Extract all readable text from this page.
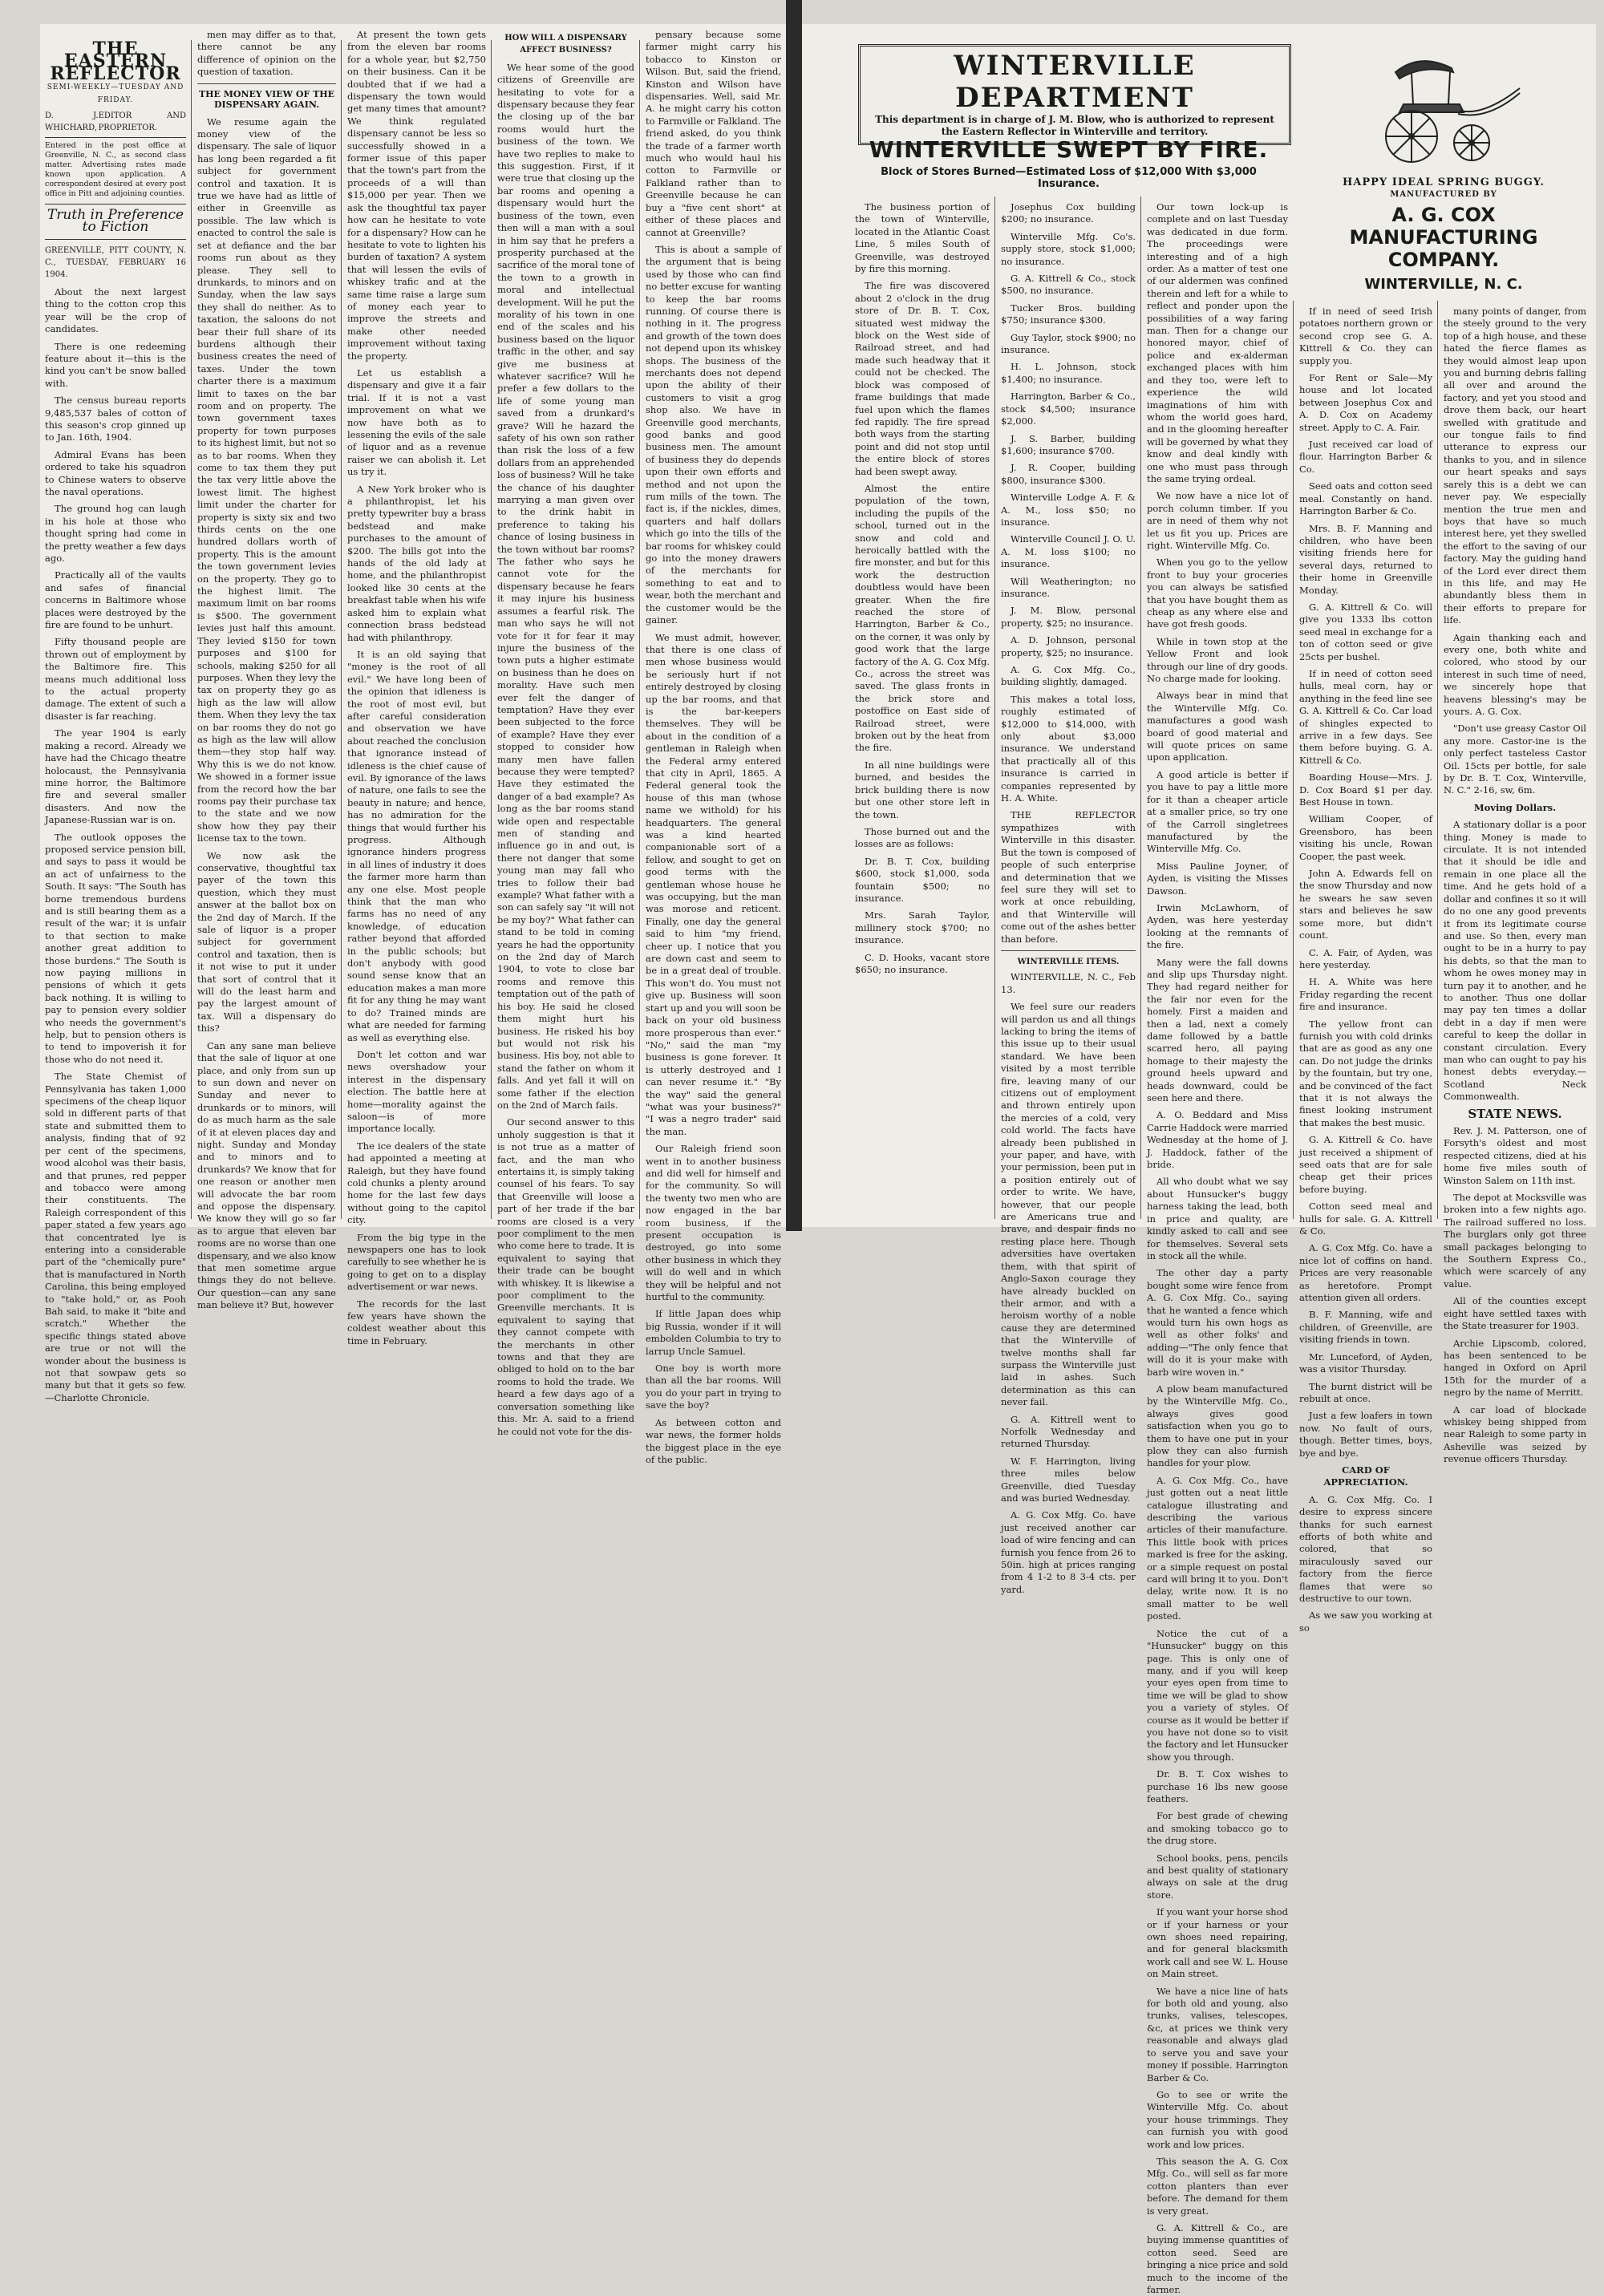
THE EASTERN REFLECTOR
SEMI-WEEKLY—TUESDAY AND FRIDAY.
D. J. WHICHARD,
EDITOR AND PROPRIETOR.
Entered in the post office at Greenville, N. C., as second class matter. Advertising rates made known upon application. A correspondent desired at every post office in Pitt and adjoining counties.
Truth in Preference to Fiction
GREENVILLE, PITT COUNTY, N. C., TUESDAY, FEBRUARY 16 1904.

About the next largest thing to the cotton crop this year will be the crop of candidates.

There is one redeeming feature about it—this is the kind you can't be snow balled with.

The census bureau reports 9,485,537 bales of cotton of this season's crop ginned up to Jan. 16th, 1904.

Admiral Evans has been ordered to take his squadron to Chinese waters to observe the naval operations.

The ground hog can laugh in his hole at those who thought spring had come in the pretty weather a few days ago.

Practically all of the vaults and safes of financial concerns in Baltimore whose places were destroyed by the fire are found to be unhurt.

Fifty thousand people are thrown out of employment by the Baltimore fire. This means much additional loss to the actual property damage. The extent of such a disaster is far reaching.

The year 1904 is early making a record. Already we have had the Chicago theatre holocaust, the Pennsylvania mine horror, the Baltimore fire and several smaller disasters. And now the Japanese-Russian war is on.

The outlook opposes the proposed service pension bill, and says to pass it would be an act of unfairness to the South. It says: "The South has borne tremendous burdens and is still bearing them as a result of the war; it is unfair to that section to make another great addition to those burdens." The South is now paying millions in pensions of which it gets back nothing. It is willing to pay to pension every soldier who needs the government's help, but to pension others is to tend to impoverish it for those who do not need it.

The State Chemist of Pennsylvania has taken 1,000 specimens of the cheap liquor sold in different parts of that state and submitted them to analysis, finding that of 92 per cent of the specimens, wood alcohol was their basis, and that prunes, red pepper and tobacco were among their constituents. The Raleigh correspondent of this paper stated a few years ago that concentrated lye is entering into a considerable part of the "chemically pure" that is manufactured in North Carolina, this being employed to "take hold," or, as Pooh Bah said, to make it "bite and scratch." Whether the specific things stated above are true or not will the wonder about the business is not that sowpaw gets so many but that it gets so few.—Charlotte Chronicle.

men may differ as to that, there cannot be any difference of opinion on the question of taxation.

THE MONEY VIEW OF THE DISPENSARY AGAIN.

We resume again the money view of the dispensary. The sale of liquor has long been regarded a fit subject for government control and taxation. It is true we have had as little of either in Greenville as possible. The law which is enacted to control the sale is set at defiance and the bar rooms run about as they please. They sell to drunkards, to minors and on Sunday, when the law says they shall do neither. As to taxation, the saloons do not bear their full share of its burdens although their business creates the need of taxes. Under the town charter there is a maximum limit to taxes on the bar room and on property. The town government taxes property for town purposes to its highest limit, but not so as to bar rooms. When they come to tax them they put the tax very little above the lowest limit. The highest limit under the charter for property is sixty six and two thirds cents on the one hundred dollars worth of property. This is the amount the town government levies on the property. They go to the highest limit. The maximum limit on bar rooms is $500. The government levies just half this amount. They levied $150 for town purposes and $100 for schools, making $250 for all purposes. When they levy the tax on property they go as high as the law will allow them. When they levy the tax on bar rooms they do not go as high as the law will allow them—they stop half way. Why this is we do not know. We showed in a former issue from the record how the bar rooms pay their purchase tax to the state and we now show how they pay their license tax to the town.

We now ask the conservative, thoughtful tax payer of the town this question, which they must answer at the ballot box on the 2nd day of March. If the sale of liquor is a proper subject for government control and taxation, then is it not wise to put it under that sort of control that it will do the least harm and pay the largest amount of tax. Will a dispensary do this?

Can any sane man believe that the sale of liquor at one place, and only from sun up to sun down and never on Sunday and never to drunkards or to minors, will do as much harm as the sale of it at eleven places day and night. Sunday and Monday and to minors and to drunkards? We know that for one reason or another men will advocate the bar room and oppose the dispensary. We know they will go so far as to argue that eleven bar rooms are no worse than one dispensary, and we also know that men sometime argue things they do not believe. Our question—can any sane man believe it? But, however

At present the town gets from the eleven bar rooms for a whole year, but $2,750 on their business. Can it be doubted that if we had a dispensary the town would get many times that amount? We think regulated dispensary cannot be less so successfully showed in a former issue of this paper that the town's part from the proceeds of a will than $15,000 per year. Then we ask the thoughtful tax payer how can he hesitate to vote for a dispensary? How can he hesitate to vote to lighten his burden of taxation? A system that will lessen the evils of whiskey trafic and at the same time raise a large sum of money each year to improve the streets and make other needed improvement without taxing the property.

Let us establish a dispensary and give it a fair trial. If it is not a vast improvement on what we now have both as to lessening the evils of the sale of liquor and as a revenue raiser we can abolish it. Let us try it.

A New York broker who is a philanthropist, let his pretty typewriter buy a brass bedstead and make purchases to the amount of $200. The bills got into the hands of the old lady at home, and the philanthropist looked like 30 cents at the breakfast table when his wife asked him to explain what connection brass bedstead had with philanthropy.

It is an old saying that "money is the root of all evil." We have long been of the opinion that idleness is the root of most evil, but after careful consideration and observation we have about reached the conclusion that ignorance instead of idleness is the chief cause of evil. By ignorance of the laws of nature, one fails to see the beauty in nature; and hence, has no admiration for the things that would further his progress. Although ignorance hinders progress in all lines of industry it does the farmer more harm than any one else. Most people think that the man who farms has no need of any knowledge, of education rather beyond that afforded in the public schools; but don't anybody with good sound sense know that an education makes a man more fit for any thing he may want to do? Trained minds are what are needed for farming as well as everything else.

Don't let cotton and war news overshadow your interest in the dispensary election. The battle here at home—morality against the saloon—is of more importance locally.

The ice dealers of the state had appointed a meeting at Raleigh, but they have found cold chunks a plenty around home for the last few days without going to the capitol city.

From the big type in the newspapers one has to look carefully to see whether he is going to get on to a display advertisement or war news.

The records for the last few years have shown the coldest weather about this time in February.

HOW WILL A DISPENSARY AFFECT BUSINESS?

We hear some of the good citizens of Greenville are hesitating to vote for a dispensary because they fear the closing up of the bar rooms would hurt the business of the town. We have two replies to make to this suggestion. First, if it were true that closing up the bar rooms and opening a dispensary would hurt the business of the town, even then will a man with a soul in him say that he prefers a prosperity purchased at the sacrifice of the moral tone of the town to a growth in moral and intellectual development. Will he put the morality of his town in one end of the scales and his business based on the liquor traffic in the other, and say give me business at whatever sacrifice? Will he prefer a few dollars to the life of some young man saved from a drunkard's grave? Will he hazard the safety of his own son rather than risk the loss of a few dollars from an apprehended loss of business? Will he take the chance of his daughter marrying a man given over to the drink habit in preference to taking his chance of losing business in the town without bar rooms? The father who says he cannot vote for the dispensary because he fears it may injure his business assumes a fearful risk. The man who says he will not vote for it for fear it may injure the business of the town puts a higher estimate on business than he does on morality. Have such men ever felt the danger of temptation? Have they ever been subjected to the force of example? Have they ever stopped to consider how many men have fallen because they were tempted? Have they estimated the danger of a bad example? As long as the bar rooms stand wide open and respectable men of standing and influence go in and out, is there not danger that some young man may fall who tries to follow their bad example? What father with a son can safely say "it will not be my boy?" What father can stand to be told in coming years he had the opportunity on the 2nd day of March 1904, to vote to close bar rooms and remove this temptation out of the path of his boy. He said he closed them might hurt his business. He risked his boy but would not risk his business. His boy, not able to stand the father on whom it falls. And yet fall it will on some father if the election on the 2nd of March fails.

Our second answer to this unholy suggestion is that it is not true as a matter of fact, and the man who entertains it, is simply taking counsel of his fears. To say that Greenville will loose a part of her trade if the bar rooms are closed is a very poor compliment to the men who come here to trade. It is equivalent to saying that their trade can be bought with whiskey. It is likewise a poor compliment to the Greenville merchants. It is equivalent to saying that they cannot compete with the merchants in other towns and that they are obliged to hold on to the bar rooms to hold the trade. We heard a few days ago of a conversation something like this. Mr. A. said to a friend he could not vote for the dis-

pensary because some farmer might carry his tobacco to Kinston or Wilson. But, said the friend, Kinston and Wilson have dispensaries. Well, said Mr. A. he might carry his cotton to Farmville or Falkland. The friend asked, do you think the trade of a farmer worth much who would haul his cotton to Farmville or Falkland rather than to Greenville because he can buy a "five cent short" at either of these places and cannot at Greenville?

This is about a sample of the argument that is being used by those who can find no better excuse for wanting to keep the bar rooms running. Of course there is nothing in it. The progress and growth of the town does not depend upon its whiskey shops. The business of the merchants does not depend upon the ability of their customers to visit a grog shop also. We have in Greenville good merchants, good banks and good business men. The amount of business they do depends upon their own efforts and method and not upon the rum mills of the town. The fact is, if the nickles, dimes, quarters and half dollars which go into the tills of the bar rooms for whiskey could go into the money drawers of the merchants for something to eat and to wear, both the merchant and the customer would be the gainer.

We must admit, however, that there is one class of men whose business would be seriously hurt if not entirely destroyed by closing up the bar rooms, and that is the bar-keepers themselves. They will be about in the condition of a gentleman in Raleigh when the Federal army entered that city in April, 1865. A Federal general took the house of this man (whose name we withold) for his headquarters. The general was a kind hearted companionable sort of a fellow, and sought to get on good terms with the gentleman whose house he was occupying, but the man was morose and reticent. Finally, one day the general said to him "my friend, cheer up. I notice that you are down cast and seem to be in a great deal of trouble. This won't do. You must not give up. Business will soon start up and you will soon be back on your old business more prosperous than ever." "No," said the man "my business is gone forever. It is utterly destroyed and I can never resume it." "By the way" said the general "what was your business?" "I was a negro trader" said the man.

Our Raleigh friend soon went in to another business and did well for himself and for the community. So will the twenty two men who are now engaged in the bar room business, if the present occupation is destroyed, go into some other business in which they will do well and in which they will be helpful and not hurtful to the community.

If little Japan does whip big Russia, wonder if it will embolden Columbia to try to larrup Uncle Samuel.

One boy is worth more than all the bar rooms. Will you do your part in trying to save the boy?

As between cotton and war news, the former holds the biggest place in the eye of the public.

WINTERVILLE DEPARTMENT
This department is in charge of J. M. Blow, who is authorized to represent the Eastern Reflector in Winterville and territory.
WINTERVILLE SWEPT BY FIRE.
Block of Stores Burned—Estimated Loss of $12,000 With $3,000 Insurance.	HAPPY IDEAL SPRING BUGGY.
MANUFACTURED BY
A. G. COX MANUFACTURING COMPANY.
WINTERVILLE, N. C.

The business portion of the town of Winterville, located in the Atlantic Coast Line, 5 miles South of Greenville, was destroyed by fire this morning.

The fire was discovered about 2 o'clock in the drug store of Dr. B. T. Cox, situated west midway the block on the West side of Railroad street, and had made such headway that it could not be checked. The block was composed of frame buildings that made fuel upon which the flames fed rapidly. The fire spread both ways from the starting point and did not stop until the entire block of stores had been swept away.

Almost the entire population of the town, including the pupils of the school, turned out in the snow and cold and heroically battled with the fire monster, and but for this work the destruction doubtless would have been greater. When the fire reached the store of Harrington, Barber & Co., on the corner, it was only by good work that the large factory of the A. G. Cox Mfg. Co., across the street was saved. The glass fronts in the brick store and postoffice on East side of Railroad street, were broken out by the heat from the fire.

In all nine buildings were burned, and besides the brick building there is now but one other store left in the town.

Those burned out and the losses are as follows:

Dr. B. T. Cox, building $600, stock $1,000, soda fountain $500; no insurance.

Mrs. Sarah Taylor, millinery stock $700; no insurance.

C. D. Hooks, vacant store $650; no insurance.

Josephus Cox building $200; no insurance.

Winterville Mfg. Co's. supply store, stock $1,000; no insurance.

G. A. Kittrell & Co., stock $500, no insurance.

Tucker Bros. building $750; insurance $300.

Guy Taylor, stock $900; no insurance.

H. L. Johnson, stock $1,400; no insurance.

Harrington, Barber & Co., stock $4,500; insurance $2,000.

J. S. Barber, building $1,600; insurance $700.

J. R. Cooper, building $800, insurance $300.

Winterville Lodge A. F. & A. M., loss $50; no insurance.

Winterville Council J. O. U. A. M. loss $100; no insurance.

Will Weatherington; no insurance.

J. M. Blow, personal property, $25; no insurance.

A. D. Johnson, personal property, $25; no insurance.

A. G. Cox Mfg. Co., building slightly, damaged.

This makes a total loss, roughly estimated of $12,000 to $14,000, with only about $3,000 insurance. We understand that practically all of this insurance is carried in companies represented by H. A. White.

THE REFLECTOR sympathizes with Winterville in this disaster. But the town is composed of people of such enterprise and determination that we feel sure they will set to work at once rebuilding, and that Winterville will come out of the ashes better than before.

WINTERVILLE ITEMS.

WINTERVILLE, N. C., Feb 13.

We feel sure our readers will pardon us and all things lacking to bring the items of this issue up to their usual standard. We have been visited by a most terrible fire, leaving many of our citizens out of employment and thrown entirely upon the mercies of a cold, very cold world. The facts have already been published in your paper, and have, with your permission, been put in a position entirely out of order to write. We have, however, that our people are Americans true and brave, and despair finds no resting place here. Though adversities have overtaken them, with that spirit of Anglo-Saxon courage they have already buckled on their armor, and with a heroism worthy of a noble cause they are determined that the Winterville of twelve months shall far surpass the Winterville just laid in ashes. Such determination as this can never fail.

G. A. Kittrell went to Norfolk Wednesday and returned Thursday.

W. F. Harrington, living three miles below Greenville, died Tuesday and was buried Wednesday.

A. G. Cox Mfg. Co. have just received another car load of wire fencing and can furnish you fence from 26 to 50in. high at prices ranging from 4 1-2 to 8 3-4 cts. per yard.

Our town lock-up is complete and on last Tuesday was dedicated in due form. The proceedings were interesting and of a high order. As a matter of test one of our aldermen was confined therein and left for a while to reflect and ponder upon the possibilities of a way faring man. Then for a change our honored mayor, chief of police and ex-alderman exchanged places with him and they too, were left to experience the wild imaginations of him with whom the world goes hard, and in the glooming hereafter will be governed by what they know and deal kindly with one who must pass through the same trying ordeal.

We now have a nice lot of porch column timber. If you are in need of them why not let us fit you up. Prices are right. Winterville Mfg. Co.

When you go to the yellow front to buy your groceries you can always be satisfied that you have bought them as cheap as any where else and have got fresh goods.

While in town stop at the Yellow Front and look through our line of dry goods. No charge made for looking.

Always bear in mind that the Winterville Mfg. Co. manufactures a good wash board of good material and will quote prices on same upon application.

A good article is better if you have to pay a little more for it than a cheaper article at a smaller price, so try one of the Carroll singletrees manufactured by the Winterville Mfg. Co.

Miss Pauline Joyner, of Ayden, is visiting the Misses Dawson.

Irwin McLawhorn, of Ayden, was here yesterday looking at the remnants of the fire.

Many were the fall downs and slip ups Thursday night. They had regard neither for the fair nor even for the homely. First a maiden and then a lad, next a comely dame followed by a battle scarred hero, all paying homage to their majesty the ground heels upward and heads downward, could be seen here and there.

A. O. Beddard and Miss Carrie Haddock were married Wednesday at the home of J. J. Haddock, father of the bride.

All who doubt what we say about Hunsucker's buggy harness taking the lead, both in price and quality, are kindly asked to call and see for themselves. Several sets in stock all the while.

The other day a party bought some wire fence from A. G. Cox Mfg. Co., saying that he wanted a fence which would turn his own hogs as well as other folks' and adding—"The only fence that will do it is your make with barb wire woven in."

A plow beam manufactured by the Winterville Mfg. Co., always gives good satisfaction when you go to them to have one put in your plow they can also furnish handles for your plow.

A. G. Cox Mfg. Co., have just gotten out a neat little catalogue illustrating and describing the various articles of their manufacture. This little book with prices marked is free for the asking, or a simple request on postal card will bring it to you. Don't delay, write now. It is no small matter to be well posted.

Notice the cut of a "Hunsucker" buggy on this page. This is only one of many, and if you will keep your eyes open from time to time we will be glad to show you a variety of styles. Of course as it would be better if you have not done so to visit the factory and let Hunsucker show you through.

Dr. B. T. Cox wishes to purchase 16 lbs new goose feathers.

For best grade of chewing and smoking tobacco go to the drug store.

School books, pens, pencils and best quality of stationary always on sale at the drug store.

If you want your horse shod or if your harness or your own shoes need repairing, and for general blacksmith work call and see W. L. House on Main street.

We have a nice line of hats for both old and young, also trunks, valises, telescopes, &c, at prices we think very reasonable and always glad to serve you and save your money if possible. Harrington Barber & Co.

Go to see or write the Winterville Mfg. Co. about your house trimmings. They can furnish you with good work and low prices.

This season the A. G. Cox Mfg. Co., will sell as far more cotton planters than ever before. The demand for them is very great.

G. A. Kittrell & Co., are buying immense quantities of cotton seed. Seed are bringing a nice price and sold much to the income of the farmer.

If in need of seed Irish potatoes northern grown or second crop see G. A. Kittrell & Co. they can supply you.

For Rent or Sale—My house and lot located between Josephus Cox and A. D. Cox on Academy street. Apply to C. A. Fair.

Just received car load of flour. Harrington Barber & Co.

Seed oats and cotton seed meal. Constantly on hand. Harrington Barber & Co.

Mrs. B. F. Manning and children, who have been visiting friends here for several days, returned to their home in Greenville Monday.

G. A. Kittrell & Co. will give you 1333 lbs cotton seed meal in exchange for a ton of cotton seed or give 25cts per bushel.

If in need of cotton seed hulls, meal corn, hay or anything in the feed line see G. A. Kittrell & Co. Car load of shingles expected to arrive in a few days. See them before buying. G. A. Kittrell & Co.

Boarding House—Mrs. J. D. Cox Board $1 per day. Best House in town.

William Cooper, of Greensboro, has been visiting his uncle, Rowan Cooper, the past week.

John A. Edwards fell on the snow Thursday and now he swears he saw seven stars and believes he saw some more, but didn't count.

C. A. Fair, of Ayden, was here yesterday.

H. A. White was here Friday regarding the recent fire and insurance.

The yellow front can furnish you with cold drinks that are as good as any one can. Do not judge the drinks by the fountain, but try one, and be convinced of the fact that it is not always the finest looking instrument that makes the best music.

G. A. Kittrell & Co. have just received a shipment of seed oats that are for sale cheap get their prices before buying.

Cotton seed meal and hulls for sale. G. A. Kittrell & Co.

A. G. Cox Mfg. Co. have a nice lot of coffins on hand. Prices are very reasonable as heretofore. Prompt attention given all orders.

B. F. Manning, wife and children, of Greenville, are visiting friends in town.

Mr. Lunceford, of Ayden, was a visitor Thursday.

The burnt district will be rebuilt at once.

Just a few loafers in town now. No fault of ours, though. Better times, boys, bye and bye.

CARD OF APPRECIATION.

A. G. Cox Mfg. Co. I desire to express sincere thanks for such earnest efforts of both white and colored, that so miraculously saved our factory from the fierce flames that were so destructive to our town.

As we saw you working at so

many points of danger, from the steely ground to the very top of a high house, and these hated the fierce flames as they would almost leap upon you and burning debris falling all over and around the factory, and yet you stood and drove them back, our heart swelled with gratitude and our tongue fails to find utterance to express our thanks to you, and in silence our heart speaks and says sarely this is a debt we can never pay. We especially mention the true men and boys that have so much interest here, yet they swelled the effort to the saving of our factory. May the guiding hand of the Lord ever direct them in this life, and may He abundantly bless them in their efforts to prepare for life.

Again thanking each and every one, both white and colored, who stood by our interest in such time of need, we sincerely hope that heavens blessing's may be yours. A. G. Cox.

"Don't use greasy Castor Oil any more. Castor-ine is the only perfect tasteless Castor Oil. 15cts per bottle, for sale by Dr. B. T. Cox, Winterville, N. C." 2-16, sw, 6m.

Moving Dollars.

A stationary dollar is a poor thing. Money is made to circulate. It is not intended that it should be idle and remain in one place all the time. And he gets hold of a dollar and confines it so it will do no one any good prevents it from its legitimate course and use. So then, every man ought to be in a hurry to pay his debts, so that the man to whom he owes money may in turn pay it to another, and he to another. Thus one dollar may pay ten times a dollar debt in a day if men were careful to keep the dollar in constant circulation. Every man who can ought to pay his honest debts everyday.—Scotland Neck Commonwealth.

STATE NEWS.

Rev. J. M. Patterson, one of Forsyth's oldest and most respected citizens, died at his home five miles south of Winston Salem on 11th inst.

The depot at Mocksville was broken into a few nights ago. The railroad suffered no loss. The burglars only got three small packages belonging to the Southern Express Co., which were scarcely of any value.

All of the counties except eight have settled taxes with the State treasurer for 1903.

Archie Lipscomb, colored, has been sentenced to be hanged in Oxford on April 15th for the murder of a negro by the name of Merritt.

A car load of blockade whiskey being shipped from near Raleigh to some party in Asheville was seized by revenue officers Thursday.
